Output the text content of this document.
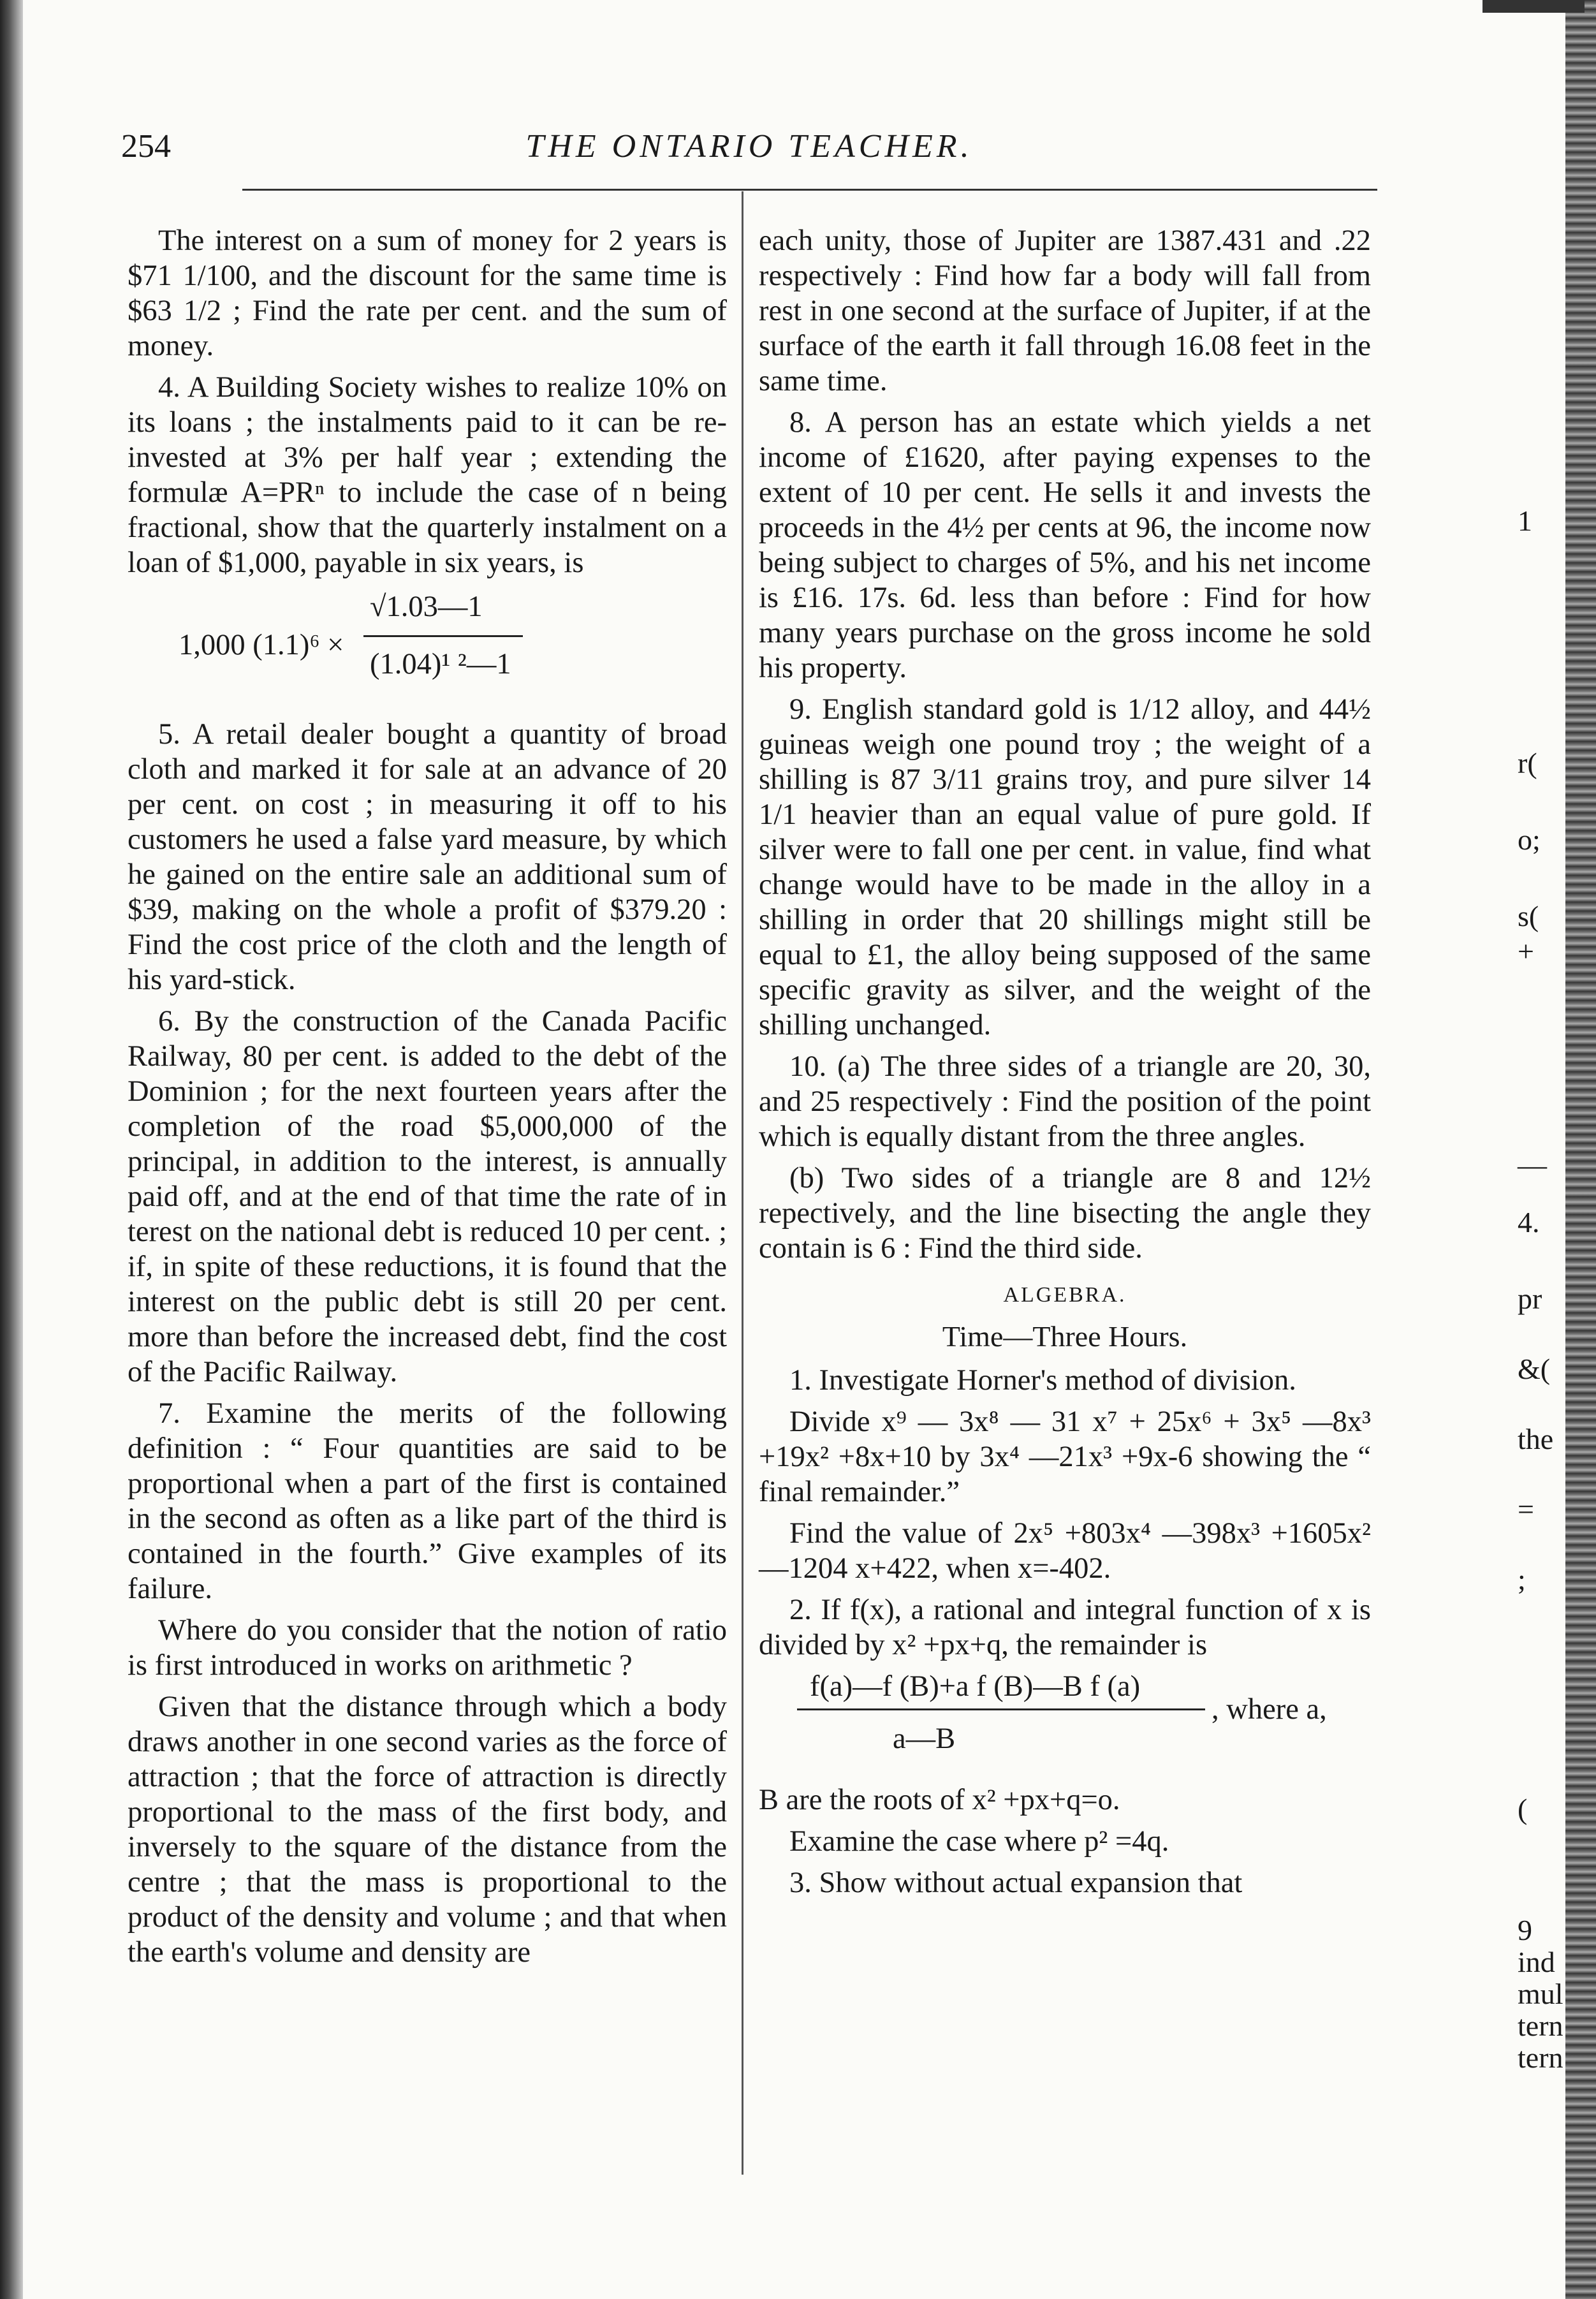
254	THE ONTARIO TEACHER.

The interest on a sum of money for 2 years is $71 1/100, and the discount for the same time is $63 1/2 ; Find the rate per cent. and the sum of money.

4. A Building Society wishes to realize 10% on its loans ; the instalments paid to it can be re-invested at 3% per half year ; extending the formulæ A=PRⁿ to include the case of n being fractional, show that the quarterly instalment on a loan of $1,000, payable in six years, is

1,000 (1.1)⁶ ×
√1.03—1
(1.04)¹ ²—1

5. A retail dealer bought a quantity of broad cloth and marked it for sale at an advance of 20 per cent. on cost ; in measuring it off to his customers he used a false yard measure, by which he gained on the entire sale an additional sum of $39, making on the whole a profit of $379.20 : Find the cost price of the cloth and the length of his yard-stick.

6. By the construction of the Canada Pacific Railway, 80 per cent. is added to the debt of the Dominion ; for the next fourteen years after the completion of the road $5,000,000 of the principal, in addition to the interest, is annually paid off, and at the end of that time the rate of in terest on the national debt is reduced 10 per cent. ; if, in spite of these reductions, it is found that the interest on the public debt is still 20 per cent. more than before the increased debt, find the cost of the Pacific Railway.

7. Examine the merits of the following definition : “ Four quantities are said to be proportional when a part of the first is contained in the second as often as a like part of the third is contained in the fourth.” Give examples of its failure.

Where do you consider that the notion of ratio is first introduced in works on arithmetic ?

Given that the distance through which a body draws another in one second varies as the force of attraction ; that the force of attraction is directly proportional to the mass of the first body, and inversely to the square of the distance from the centre ; that the mass is proportional to the product of the density and volume ; and that when the earth's volume and density are

each unity, those of Jupiter are 1387.431 and .22 respectively : Find how far a body will fall from rest in one second at the surface of Jupiter, if at the surface of the earth it fall through 16.08 feet in the same time.

8. A person has an estate which yields a net income of £1620, after paying expenses to the extent of 10 per cent. He sells it and invests the proceeds in the 4½ per cents at 96, the income now being subject to charges of 5%, and his net income is £16. 17s. 6d. less than before : Find for how many years purchase on the gross income he sold his property.

9. English standard gold is 1/12 alloy, and 44½ guineas weigh one pound troy ; the weight of a shilling is 87 3/11 grains troy, and pure silver 14 1/1 heavier than an equal value of pure gold. If silver were to fall one per cent. in value, find what change would have to be made in the alloy in a shilling in order that 20 shillings might still be equal to £1, the alloy being supposed of the same specific gravity as silver, and the weight of the shilling unchanged.

10. (a) The three sides of a triangle are 20, 30, and 25 respectively : Find the position of the point which is equally distant from the three angles.

(b) Two sides of a triangle are 8 and 12½ repectively, and the line bisecting the angle they contain is 6 : Find the third side.

ALGEBRA.
Time—Three Hours.

1. Investigate Horner's method of division.

Divide x⁹ — 3x⁸ — 31 x⁷ + 25x⁶ + 3x⁵ —8x³ +19x² +8x+10 by 3x⁴ —21x³ +9x-6 showing the “ final remainder.”

Find the value of 2x⁵ +803x⁴ —398x³ +1605x² —1204 x+422, when x=-402.

2. If f(x), a rational and integral function of x is divided by x² +px+q, the remainder is

f(a)—f (B)+a f (B)—B f (a)
, where a,
a—B

B are the roots of x² +px+q=o.

Examine the case where p² =4q.

3. Show without actual expansion that

1
r(
o;
s(
+
—
4.
pr
&(
the
=
;
(
9
ind
mul
tern
tern
